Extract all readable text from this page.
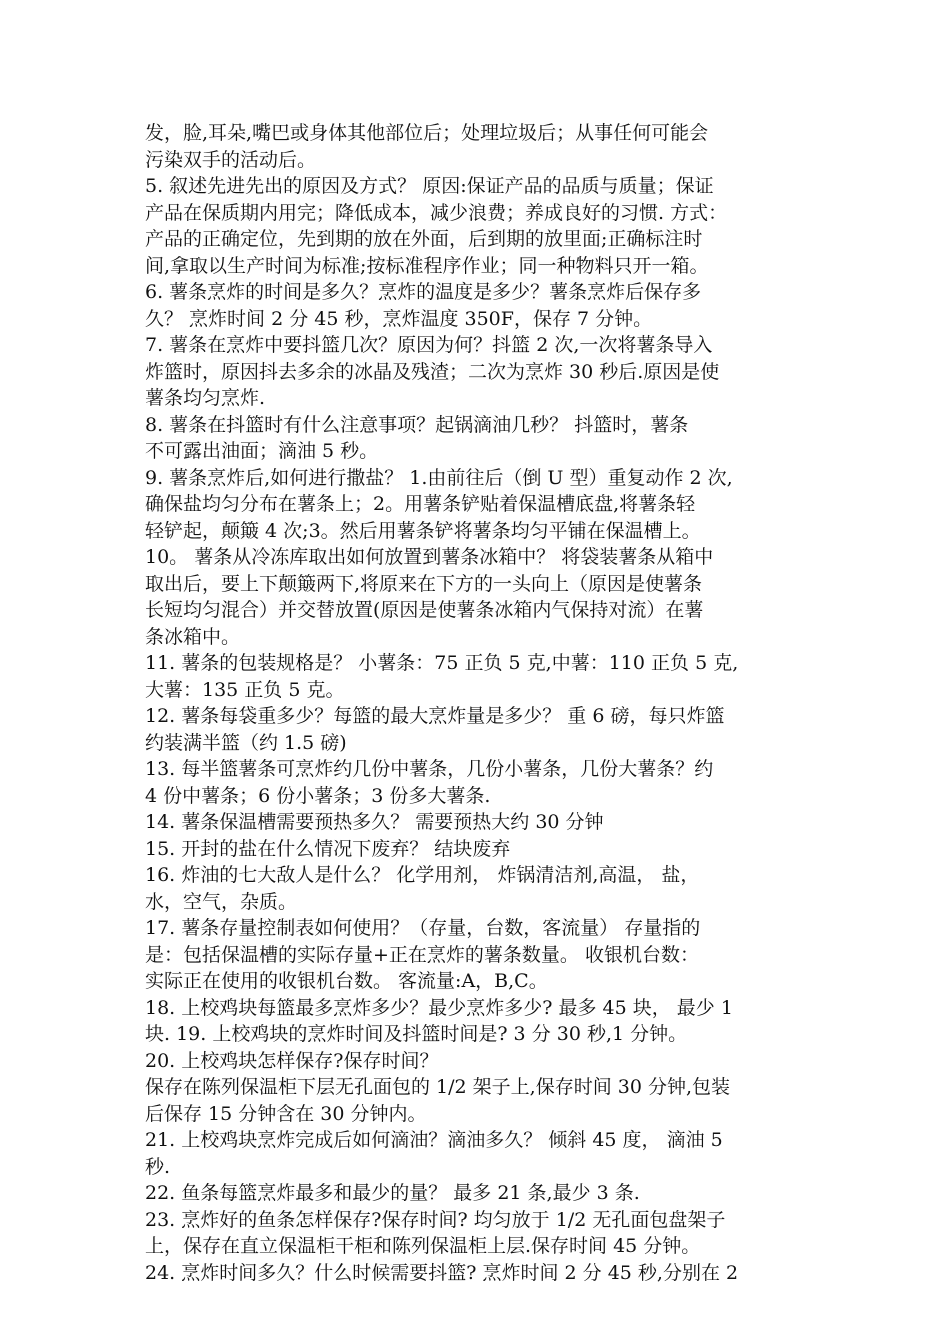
发，脸,耳朵,嘴巴或身体其他部位后；处理垃圾后；从事任何可能会
污染双手的活动后。

5. 叙述先进先出的原因及方式？ 原因:保证产品的品质与质量；保证
产品在保质期内用完；降低成本，减少浪费；养成良好的习惯. 方式：
产品的正确定位，先到期的放在外面，后到期的放里面;正确标注时
间,拿取以生产时间为标准;按标准程序作业；同一种物料只开一箱。

6. 薯条烹炸的时间是多久？烹炸的温度是多少？薯条烹炸后保存多
久？ 烹炸时间 2 分 45 秒，烹炸温度 350F，保存 7 分钟。

7. 薯条在烹炸中要抖篮几次？原因为何？抖篮 2 次,一次将薯条导入
炸篮时，原因抖去多余的冰晶及残渣；二次为烹炸 30 秒后.原因是使
薯条均匀烹炸.

8. 薯条在抖篮时有什么注意事项？起锅滴油几秒？ 抖篮时，薯条
不可露出油面；滴油 5 秒。

9. 薯条烹炸后,如何进行撒盐？ 1.由前往后（倒 U 型）重复动作 2 次,
确保盐均匀分布在薯条上；2。用薯条铲贴着保温槽底盘,将薯条轻
轻铲起，颠簸 4 次;3。然后用薯条铲将薯条均匀平铺在保温槽上。

10。 薯条从冷冻库取出如何放置到薯条冰箱中？ 将袋装薯条从箱中
取出后，要上下颠簸两下,将原来在下方的一头向上（原因是使薯条
长短均匀混合）并交替放置(原因是使薯条冰箱内气保持对流）在薯
条冰箱中。

11. 薯条的包装规格是？ 小薯条：75 正负 5 克,中薯：110 正负 5 克,
大薯：135 正负 5 克。

12. 薯条每袋重多少？每篮的最大烹炸量是多少？ 重 6 磅，每只炸篮
约装满半篮（约 1.5 磅)

13. 每半篮薯条可烹炸约几份中薯条，几份小薯条，几份大薯条？约
4 份中薯条；6 份小薯条；3 份多大薯条.

14. 薯条保温槽需要预热多久？ 需要预热大约 30 分钟

15. 开封的盐在什么情况下废弃？ 结块废弃

16. 炸油的七大敌人是什么？ 化学用剂， 炸锅清洁剂,高温， 盐，
水，空气，杂质。

17. 薯条存量控制表如何使用？（存量，台数，客流量） 存量指的
是：包括保温槽的实际存量+正在烹炸的薯条数量。 收银机台数：
实际正在使用的收银机台数。 客流量:A，B,C。

18. 上校鸡块每篮最多烹炸多少？最少烹炸多少? 最多 45 块， 最少 1
块. 19. 上校鸡块的烹炸时间及抖篮时间是? 3 分 30 秒,1 分钟。

20. 上校鸡块怎样保存?保存时间？

保存在陈列保温柜下层无孔面包的 1/2 架子上,保存时间 30 分钟,包装
后保存 15 分钟含在 30 分钟内。

21. 上校鸡块烹炸完成后如何滴油？滴油多久？ 倾斜 45 度， 滴油 5
秒.

22. 鱼条每篮烹炸最多和最少的量？ 最多 21 条,最少 3 条.

23. 烹炸好的鱼条怎样保存?保存时间? 均匀放于 1/2 无孔面包盘架子
上，保存在直立保温柜干柜和陈列保温柜上层.保存时间 45 分钟。

24. 烹炸时间多久？什么时候需要抖篮? 烹炸时间 2 分 45 秒,分别在 2
